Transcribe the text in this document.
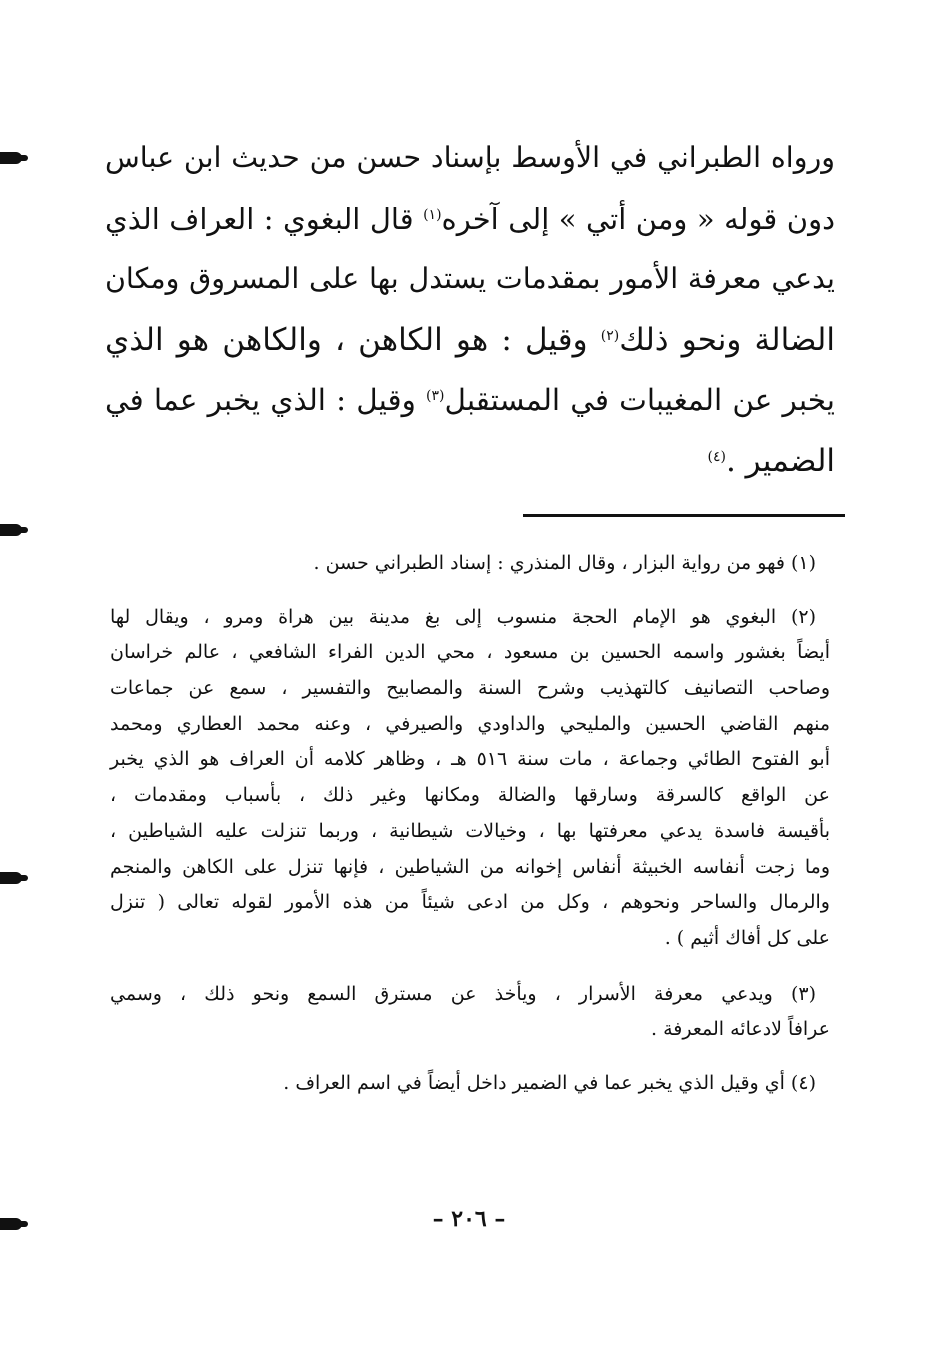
ورواه الطبراني في الأوسط بإسناد حسن من حديث ابن عباس
دون قوله « ومن أتي » إلى آخره$^{(١)}$ قال البغوي : العراف الذي
يدعي معرفة الأمور بمقدمات يستدل بها على المسروق ومكان
الضالة ونحو ذلك$^{(٢)}$ وقيل : هو الكاهن ، والكاهن هو الذي
يخبر عن المغيبات في المستقبل$^{(٣)}$ وقيل : الذي يخبر عما في
الضمير .$^{(٤)}$
(١) فهو من رواية البزار ، وقال المنذري : إسناد الطبراني حسن .
(٢) البغوي هو الإمام الحجة منسوب إلى بغ مدينة بين هراة ومرو ، ويقال لها
أيضاً بغشور واسمه الحسين بن مسعود ، محي الدين الفراء الشافعي ، عالم خراسان
وصاحب التصانيف كالتهذيب وشرح السنة والمصابيح والتفسير ، سمع عن جماعات
منهم القاضي الحسين والمليحي والداودي والصيرفي ، وعنه محمد العطاري ومحمد
أبو الفتوح الطائي وجماعة ، مات سنة ٥١٦ هـ ، وظاهر كلامه أن العراف هو الذي يخبر
عن الواقع كالسرقة وسارقها والضالة ومكانها وغير ذلك ، بأسباب ومقدمات ،
بأقيسة فاسدة يدعي معرفتها بها ، وخيالات شيطانية ، وربما تنزلت عليه الشياطين ،
وما زجت أنفاسه الخبيثة أنفاس إخوانه من الشياطين ، فإنها تنزل على الكاهن والمنجم
والرمال والساحر ونحوهم ، وكل من ادعى شيئاً من هذه الأمور لقوله تعالى ( تنزل
على كل أفاك أثيم ) .
(٣) ويدعي معرفة الأسرار ، ويأخذ عن مسترق السمع ونحو ذلك ، وسمي
عرافاً لادعائه المعرفة .
(٤) أي وقيل الذي يخبر عما في الضمير داخل أيضاً في اسم العراف .
– ٢٠٦ –
